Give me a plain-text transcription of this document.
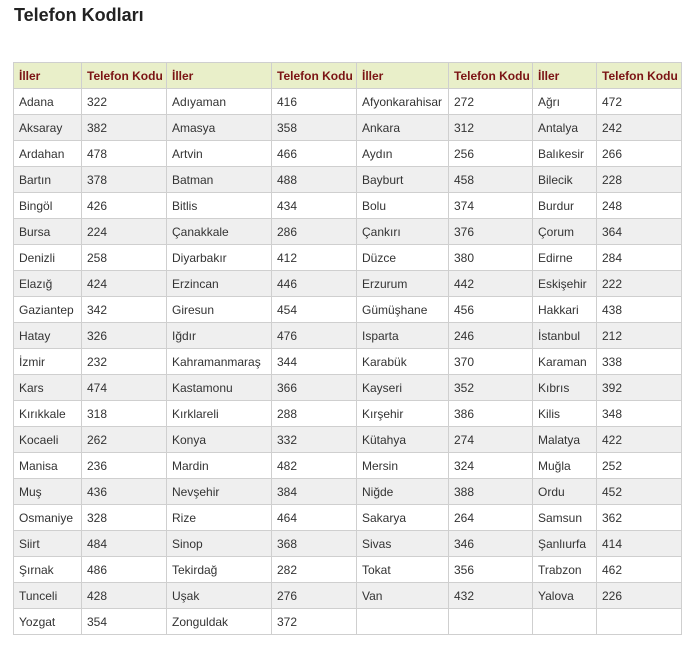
Telefon Kodları
İller	Telefon Kodu	İller	Telefon Kodu	İller	Telefon Kodu	İller	Telefon Kodu
Adana	322	Adıyaman	416	Afyonkarahisar	272	Ağrı	472
Aksaray	382	Amasya	358	Ankara	312	Antalya	242
Ardahan	478	Artvin	466	Aydın	256	Balıkesir	266
Bartın	378	Batman	488	Bayburt	458	Bilecik	228
Bingöl	426	Bitlis	434	Bolu	374	Burdur	248
Bursa	224	Çanakkale	286	Çankırı	376	Çorum	364
Denizli	258	Diyarbakır	412	Düzce	380	Edirne	284
Elazığ	424	Erzincan	446	Erzurum	442	Eskişehir	222
Gaziantep	342	Giresun	454	Gümüşhane	456	Hakkari	438
Hatay	326	Iğdır	476	Isparta	246	İstanbul	212
İzmir	232	Kahramanmaraş	344	Karabük	370	Karaman	338
Kars	474	Kastamonu	366	Kayseri	352	Kıbrıs	392
Kırıkkale	318	Kırklareli	288	Kırşehir	386	Kilis	348
Kocaeli	262	Konya	332	Kütahya	274	Malatya	422
Manisa	236	Mardin	482	Mersin	324	Muğla	252
Muş	436	Nevşehir	384	Niğde	388	Ordu	452
Osmaniye	328	Rize	464	Sakarya	264	Samsun	362
Siirt	484	Sinop	368	Sivas	346	Şanlıurfa	414
Şırnak	486	Tekirdağ	282	Tokat	356	Trabzon	462
Tunceli	428	Uşak	276	Van	432	Yalova	226
Yozgat	354	Zonguldak	372				
